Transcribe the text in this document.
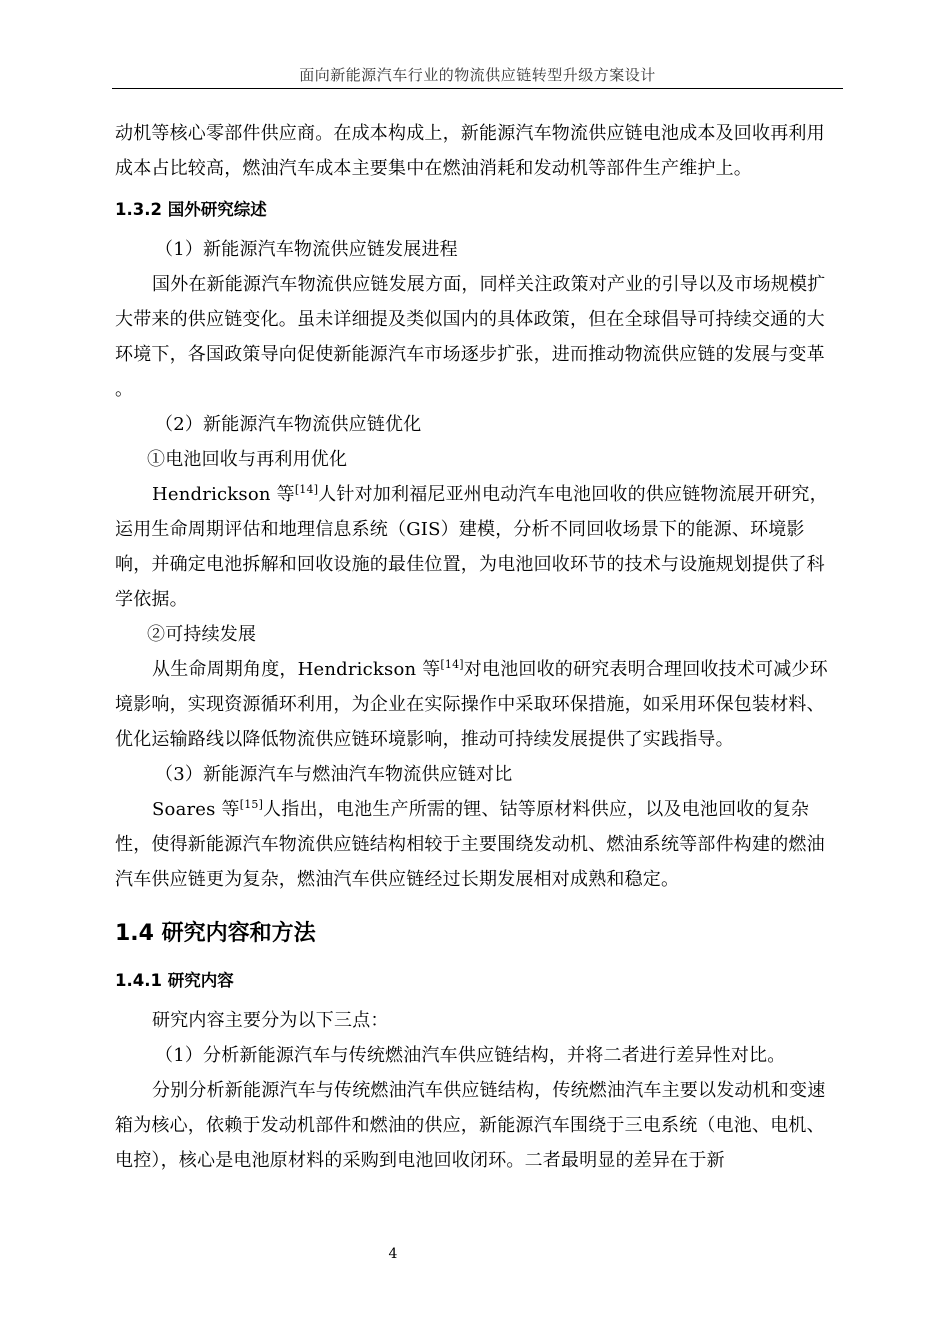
面向新能源汽车行业的物流供应链转型升级方案设计

动机等核心零部件供应商。在成本构成上，新能源汽车物流供应链电池成本及回收再利用成本占比较高，燃油汽车成本主要集中在燃油消耗和发动机等部件生产维护上。

1.3.2 国外研究综述

（1）新能源汽车物流供应链发展进程

国外在新能源汽车物流供应链发展方面，同样关注政策对产业的引导以及市场规模扩大带来的供应链变化。虽未详细提及类似国内的具体政策，但在全球倡导可持续交通的大环境下，各国政策导向促使新能源汽车市场逐步扩张，进而推动物流供应链的发展与变革 。

（2）新能源汽车物流供应链优化

①电池回收与再利用优化

Hendrickson 等[14]人针对加利福尼亚州电动汽车电池回收的供应链物流展开研究，运用生命周期评估和地理信息系统（GIS）建模，分析不同回收场景下的能源、环境影响，并确定电池拆解和回收设施的最佳位置，为电池回收环节的技术与设施规划提供了科学依据。

②可持续发展

从生命周期角度，Hendrickson 等[14]对电池回收的研究表明合理回收技术可减少环境影响，实现资源循环利用，为企业在实际操作中采取环保措施，如采用环保包装材料、优化运输路线以降低物流供应链环境影响，推动可持续发展提供了实践指导。

（3）新能源汽车与燃油汽车物流供应链对比

Soares 等[15]人指出，电池生产所需的锂、钴等原材料供应，以及电池回收的复杂性，使得新能源汽车物流供应链结构相较于主要围绕发动机、燃油系统等部件构建的燃油汽车供应链更为复杂，燃油汽车供应链经过长期发展相对成熟和稳定。

1.4 研究内容和方法
1.4.1 研究内容

研究内容主要分为以下三点：

（1）分析新能源汽车与传统燃油汽车供应链结构，并将二者进行差异性对比。

分别分析新能源汽车与传统燃油汽车供应链结构，传统燃油汽车主要以发动机和变速箱为核心，依赖于发动机部件和燃油的供应，新能源汽车围绕于三电系统（电池、电机、电控），核心是电池原材料的采购到电池回收闭环。二者最明显的差异在于新

4
